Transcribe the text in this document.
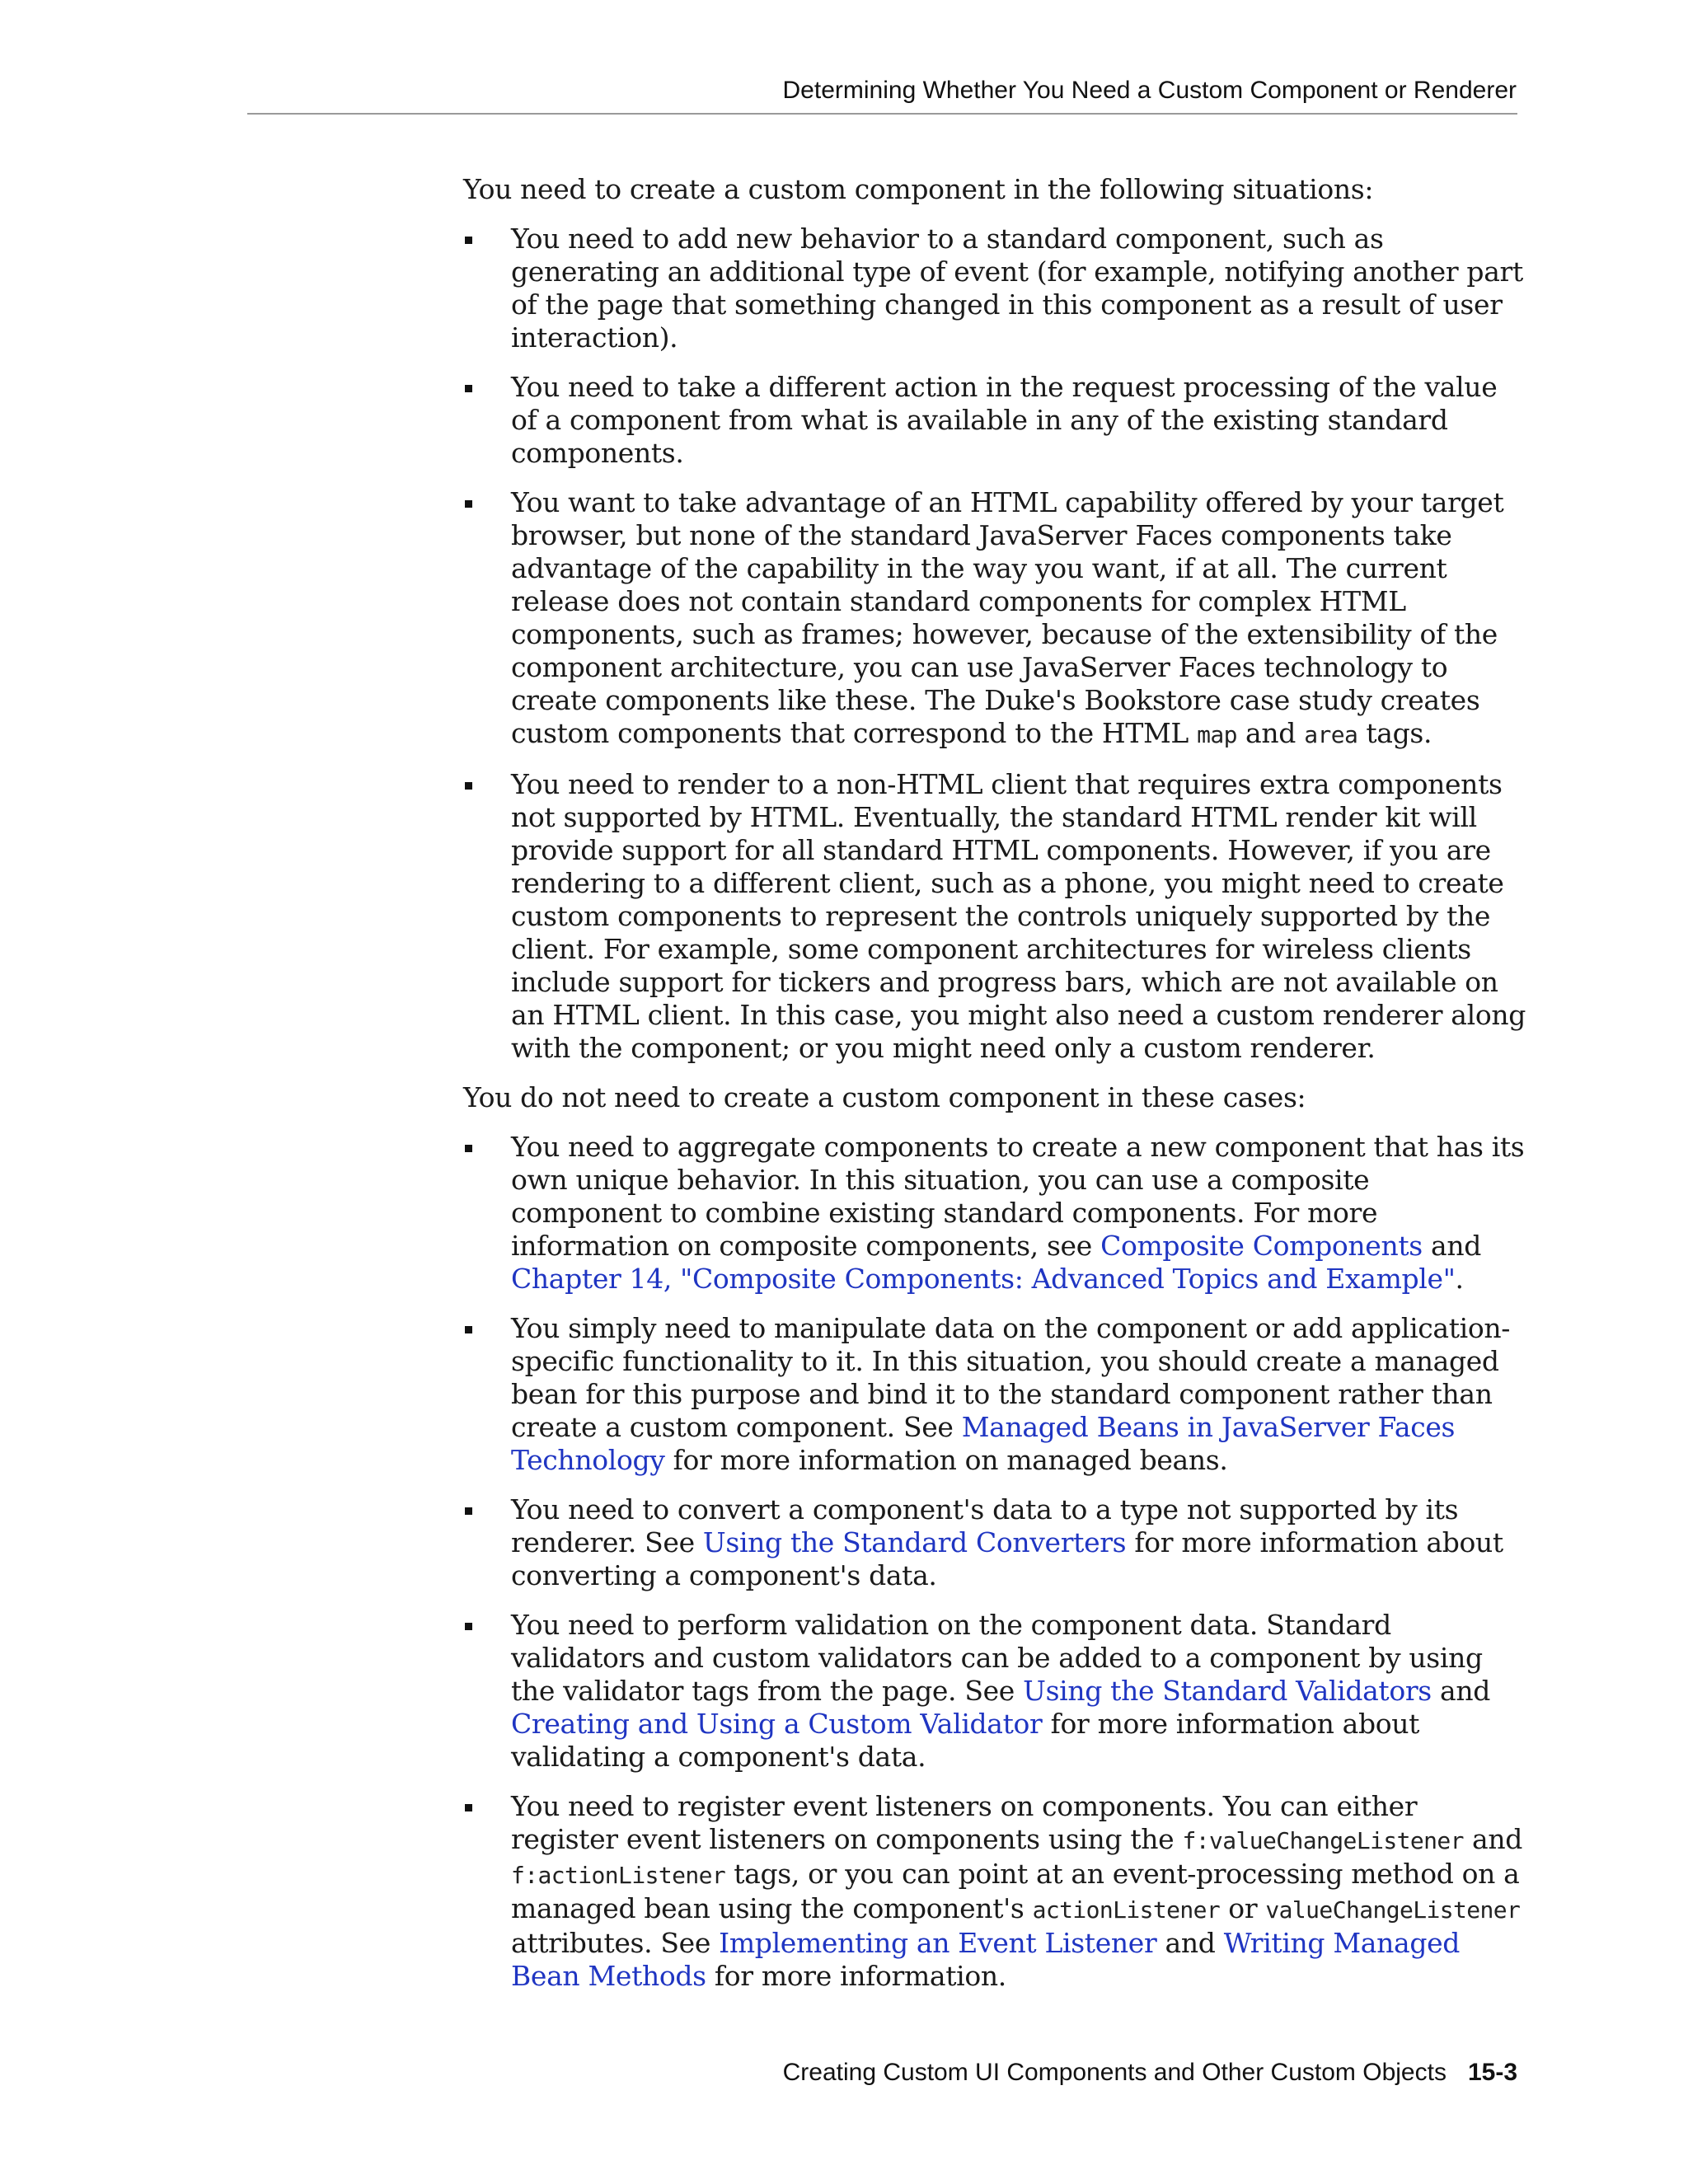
Determining Whether You Need a Custom Component or Renderer

You need to create a custom component in the following situations:

You need to add new behavior to a standard component, such as generating an additional type of event (for example, notifying another part of the page that something changed in this component as a result of user interaction).
You need to take a different action in the request processing of the value of a component from what is available in any of the existing standard components.
You want to take advantage of an HTML capability offered by your target browser, but none of the standard JavaServer Faces components take advantage of the capability in the way you want, if at all. The current release does not contain standard components for complex HTML components, such as frames; however, because of the extensibility of the component architecture, you can use JavaServer Faces technology to create components like these. The Duke's Bookstore case study creates custom components that correspond to the HTML map and area tags.
You need to render to a non-HTML client that requires extra components not supported by HTML. Eventually, the standard HTML render kit will provide support for all standard HTML components. However, if you are rendering to a different client, such as a phone, you might need to create custom components to represent the controls uniquely supported by the client. For example, some component architectures for wireless clients include support for tickers and progress bars, which are not available on an HTML client. In this case, you might also need a custom renderer along with the component; or you might need only a custom renderer.

You do not need to create a custom component in these cases:

You need to aggregate components to create a new component that has its own unique behavior. In this situation, you can use a composite component to combine existing standard components. For more information on composite components, see Composite Components and Chapter 14, "Composite Components: Advanced Topics and Example".
You simply need to manipulate data on the component or add application-specific functionality to it. In this situation, you should create a managed bean for this purpose and bind it to the standard component rather than create a custom component. See Managed Beans in JavaServer Faces Technology for more information on managed beans.
You need to convert a component's data to a type not supported by its renderer. See Using the Standard Converters for more information about converting a component's data.
You need to perform validation on the component data. Standard validators and custom validators can be added to a component by using the validator tags from the page. See Using the Standard Validators and Creating and Using a Custom Validator for more information about validating a component's data.
You need to register event listeners on components. You can either register event listeners on components using the f:valueChangeListener and f:actionListener tags, or you can point at an event-processing method on a managed bean using the component's actionListener or valueChangeListener attributes. See Implementing an Event Listener and Writing Managed Bean Methods for more information.
Creating Custom UI Components and Other Custom Objects 15-3
